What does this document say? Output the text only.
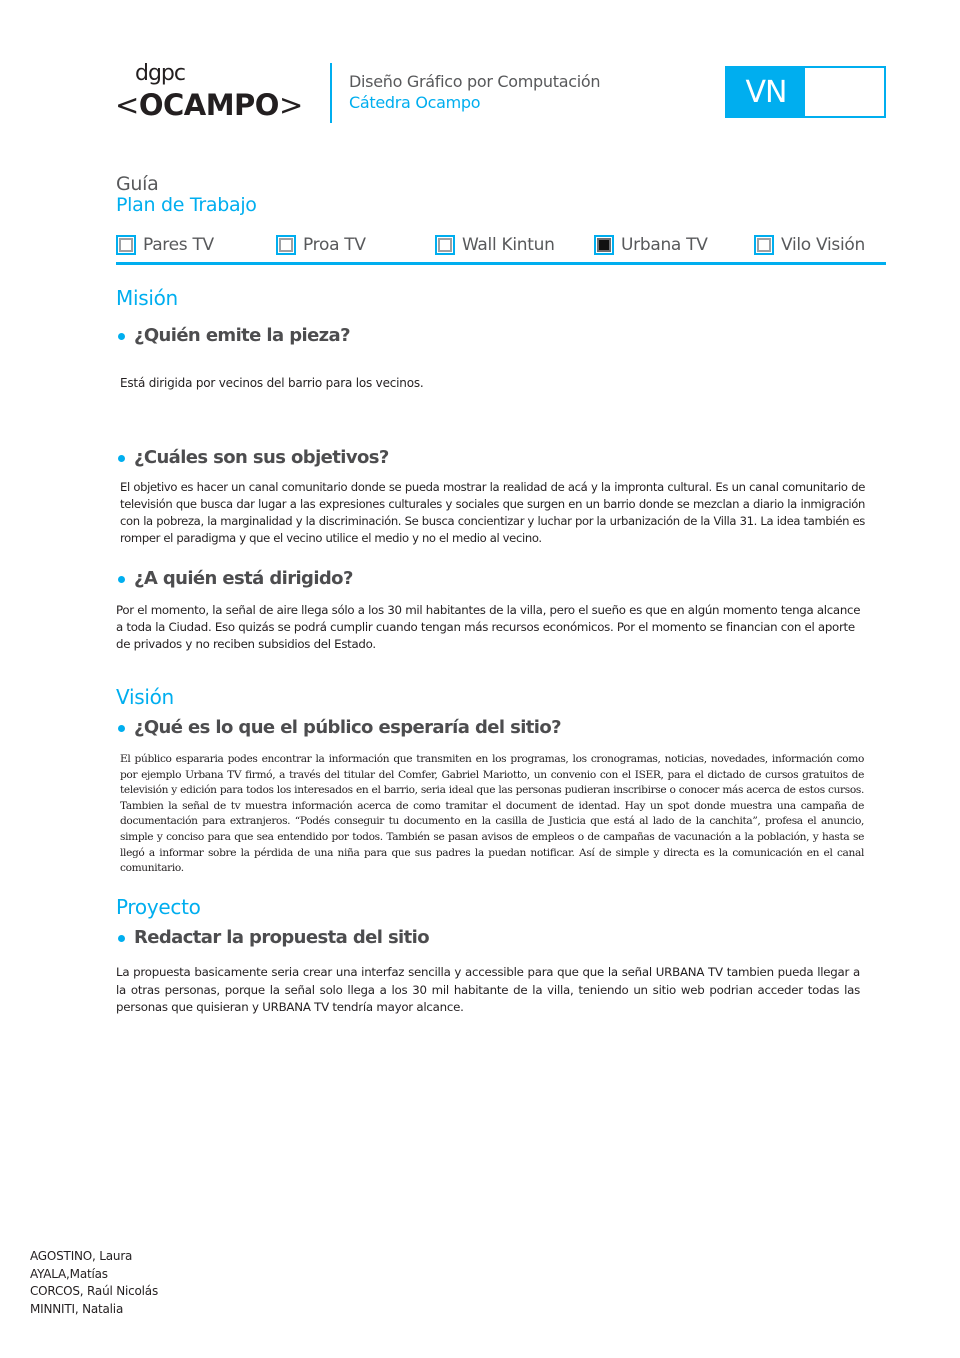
dgpc
<OCAMPO>
Diseño Gráfico por Computación
Cátedra Ocampo	VN
Guía
Plan de Trabajo
Pares TV	Proa TV	Wall Kintun	Urbana TV	Vilo Visión
Misión
¿Quién emite la pieza?
Está dirigida por vecinos del barrio para los vecinos.
¿Cuáles son sus objetivos?
El objetivo es hacer un canal comunitario donde se pueda mostrar la realidad de acá y la impronta cultural. Es un canal comunitario de televisión que busca dar lugar a las expresiones culturales y sociales que surgen en un barrio donde se mezclan a diario la inmigración con la pobreza, la marginalidad y la discriminación. Se busca concientizar y luchar por la urbanización de la Villa 31. La idea también es romper el paradigma y que el vecino utilice el medio y no el medio al vecino.
¿A quién está dirigido?
Por el momento, la señal de aire llega sólo a los 30 mil habitantes de la villa, pero el sueño es que en algún momento tenga alcance a toda la Ciudad. Eso quizás se podrá cumplir cuando tengan más recursos económicos. Por el momento se financian con el aporte de privados y no reciben subsidios del Estado.
Visión
¿Qué es lo que el público esperaría del sitio?
El público espararia podes encontrar la información que transmiten en los programas, los cronogramas, noticias, novedades, información como por ejemplo Urbana TV firmó, a través del titular del Comfer, Gabriel Mariotto, un convenio con el ISER, para el dictado de cursos gratuitos de televisión y edición para todos los interesados en el barrio, seria ideal que las personas pudieran inscribirse o conocer más acerca de estos cursos. Tambien la señal de tv muestra información acerca de como tramitar el document de identad. Hay un spot donde muestra una campaña de documentación para extranjeros. “Podés conseguir tu documento en la casilla de Justicia que está al lado de la canchita”, profesa el anuncio, simple y conciso para que sea entendido por todos. También se pasan avisos de empleos o de campañas de vacunación a la población, y hasta se llegó a informar sobre la pérdida de una niña para que sus padres la puedan notificar. Así de simple y directa es la comunicación en el canal comunitario.
Proyecto
Redactar la propuesta del sitio
La propuesta basicamente seria crear una interfaz sencilla y accessible para que que la señal URBANA TV tambien pueda llegar a la otras personas, porque la señal solo llega a los 30 mil habitante de la villa, teniendo un sitio web podrian acceder todas las personas que quisieran y URBANA TV tendría mayor alcance.
AGOSTINO, Laura
AYALA,Matías
CORCOS, Raúl Nicolás
MINNITI, Natalia
